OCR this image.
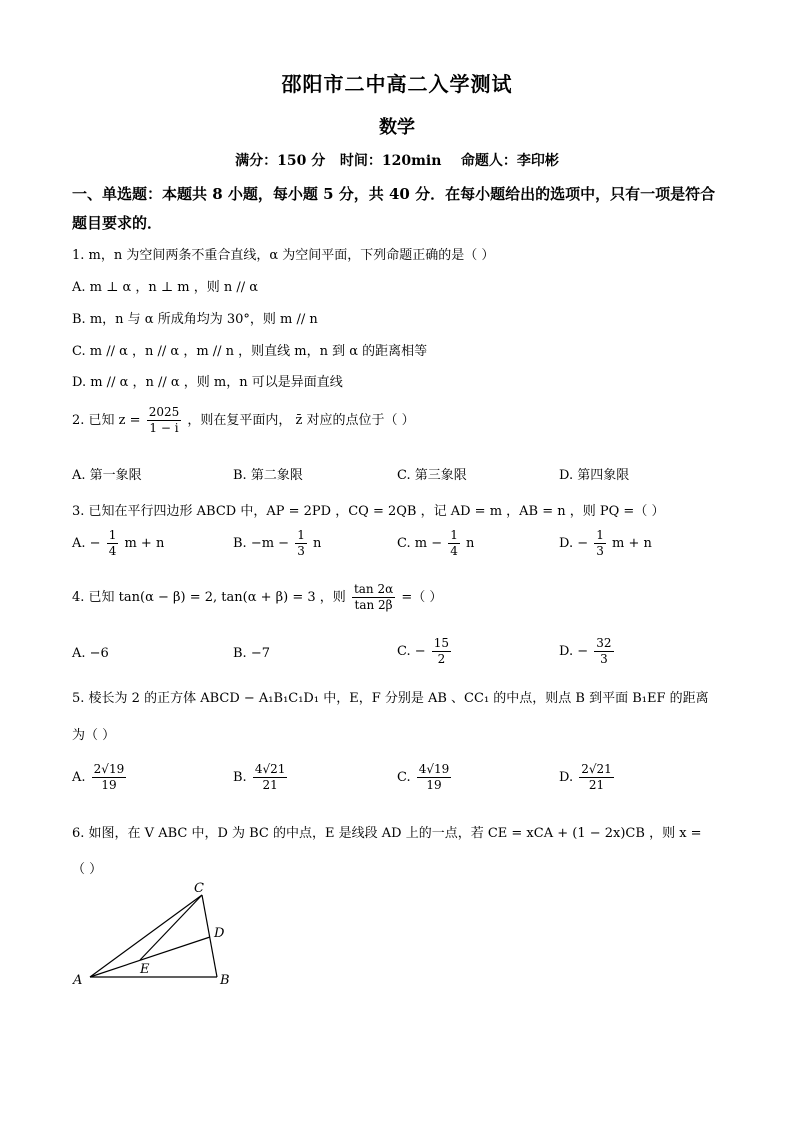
邵阳市二中高二入学测试
数学
满分：150 分   时间：120min    命题人：李印彬
一、单选题：本题共 8 小题，每小题 5 分，共 40 分．在每小题给出的选项中，只有一项是符合题目要求的．
1. m，n 为空间两条不重合直线，α 为空间平面，下列命题正确的是（ ）
A. m ⊥ α ，n ⊥ m ，则 n // α
B. m，n 与 α 所成角均为 30°，则 m // n
C. m // α ，n // α ，m // n ，则直线 m，n 到 α 的距离相等
D. m // α ，n // α ，则 m，n 可以是异面直线
2. 已知 $z = \frac{2025}{1 - i}$ ，则在复平面内， z̄ 对应的点位于（ ）
A. 第一象限	B. 第二象限	C. 第三象限	D. 第四象限
3. 已知在平行四边形 ABCD 中，AP = 2PD ，CQ = 2QB ，记 AD = m ，AB = n ，则 PQ =（ ）
A. − $\frac{1}{4}$ m + n	B. $-m - \frac{1}{3}$ n	C. $m - \frac{1}{4}$ n	D. − $\frac{1}{3}$ m + n
4. 已知 tan(α − β) = 2, tan(α + β) = 3 ，则 $\frac{\tan 2\alpha}{\tan 2\beta}$ =（ ）
A. −6	B. −7	C. − $\frac{15}{2}$	D. − $\frac{32}{3}$
5. 棱长为 2 的正方体 ABCD − A₁B₁C₁D₁ 中，E，F 分别是 AB 、CC₁ 的中点，则点 B 到平面 B₁EF 的距离
为（ ）
A. $\frac{2√19}{19}$	B. $\frac{4√21}{21}$	C. $\frac{4√19}{19}$	D. $\frac{2√21}{21}$
6. 如图，在 V ABC 中，D 为 BC 的中点，E 是线段 AD 上的一点，若 CE = xCA + (1 − 2x)CB ，则 x =
（ ）
A	B
C
D
E
